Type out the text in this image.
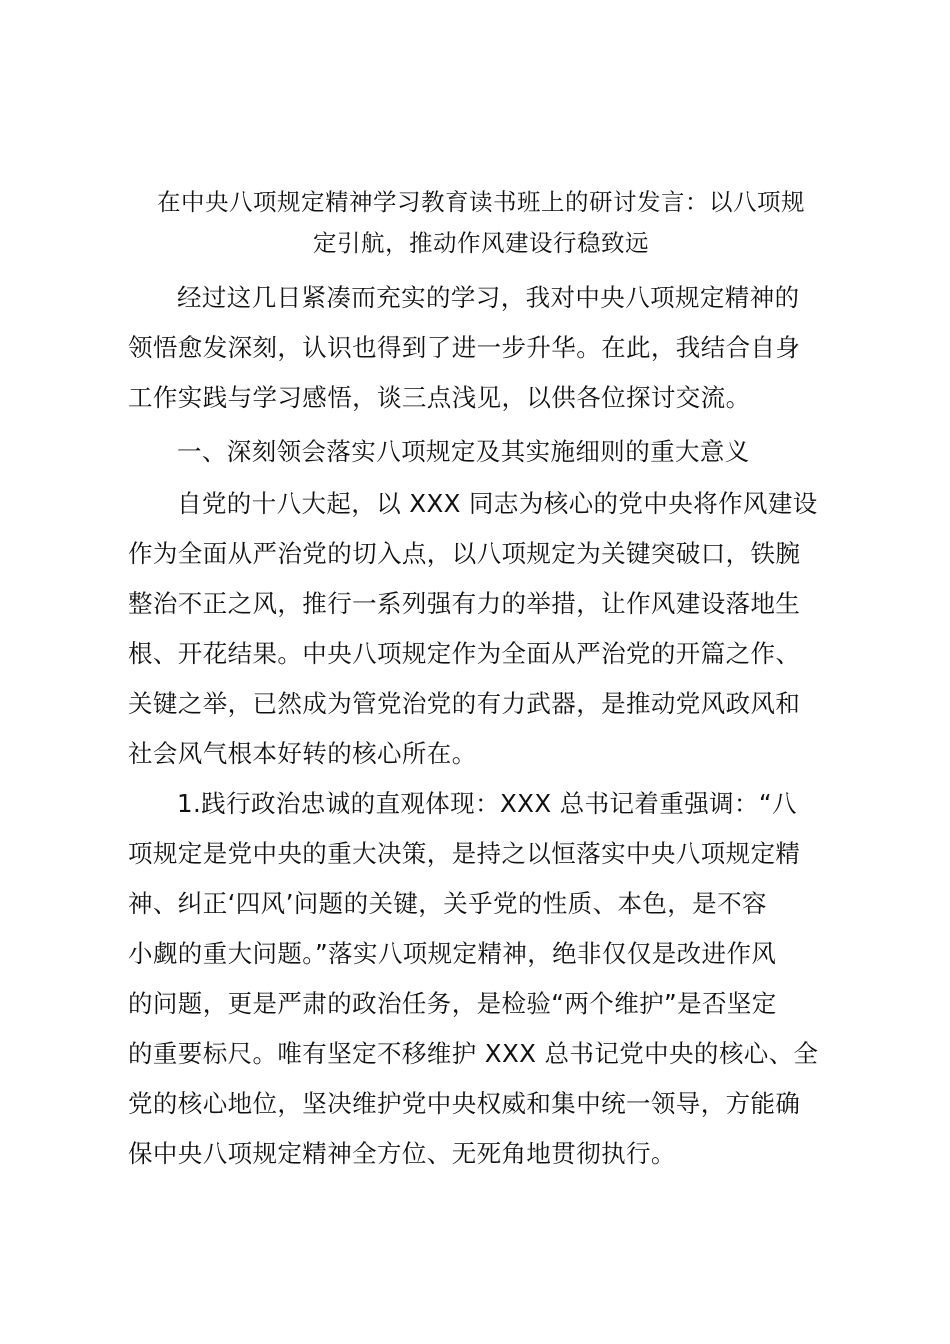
在中央八项规定精神学习教育读书班上的研讨发言：以八项规
定引航，推动作风建设行稳致远
经过这几日紧凑而充实的学习，我对中央八项规定精神的
领悟愈发深刻，认识也得到了进一步升华。在此，我结合自身
工作实践与学习感悟，谈三点浅见，以供各位探讨交流。
一、深刻领会落实八项规定及其实施细则的重大意义
自党的十八大起，以 XXX 同志为核心的党中央将作风建设
作为全面从严治党的切入点，以八项规定为关键突破口，铁腕
整治不正之风，推行一系列强有力的举措，让作风建设落地生
根、开花结果。中央八项规定作为全面从严治党的开篇之作、
关键之举，已然成为管党治党的有力武器，是推动党风政风和
社会风气根本好转的核心所在。
1.践行政治忠诚的直观体现：XXX 总书记着重强调：“八
项规定是党中央的重大决策，是持之以恒落实中央八项规定精
神、纠正‘四风’问题的关键，关乎党的性质、本色，是不容
小觑的重大问题。”落实八项规定精神，绝非仅仅是改进作风
的问题，更是严肃的政治任务，是检验“两个维护”是否坚定
的重要标尺。唯有坚定不移维护 XXX 总书记党中央的核心、全
党的核心地位，坚决维护党中央权威和集中统一领导，方能确
保中央八项规定精神全方位、无死角地贯彻执行。
